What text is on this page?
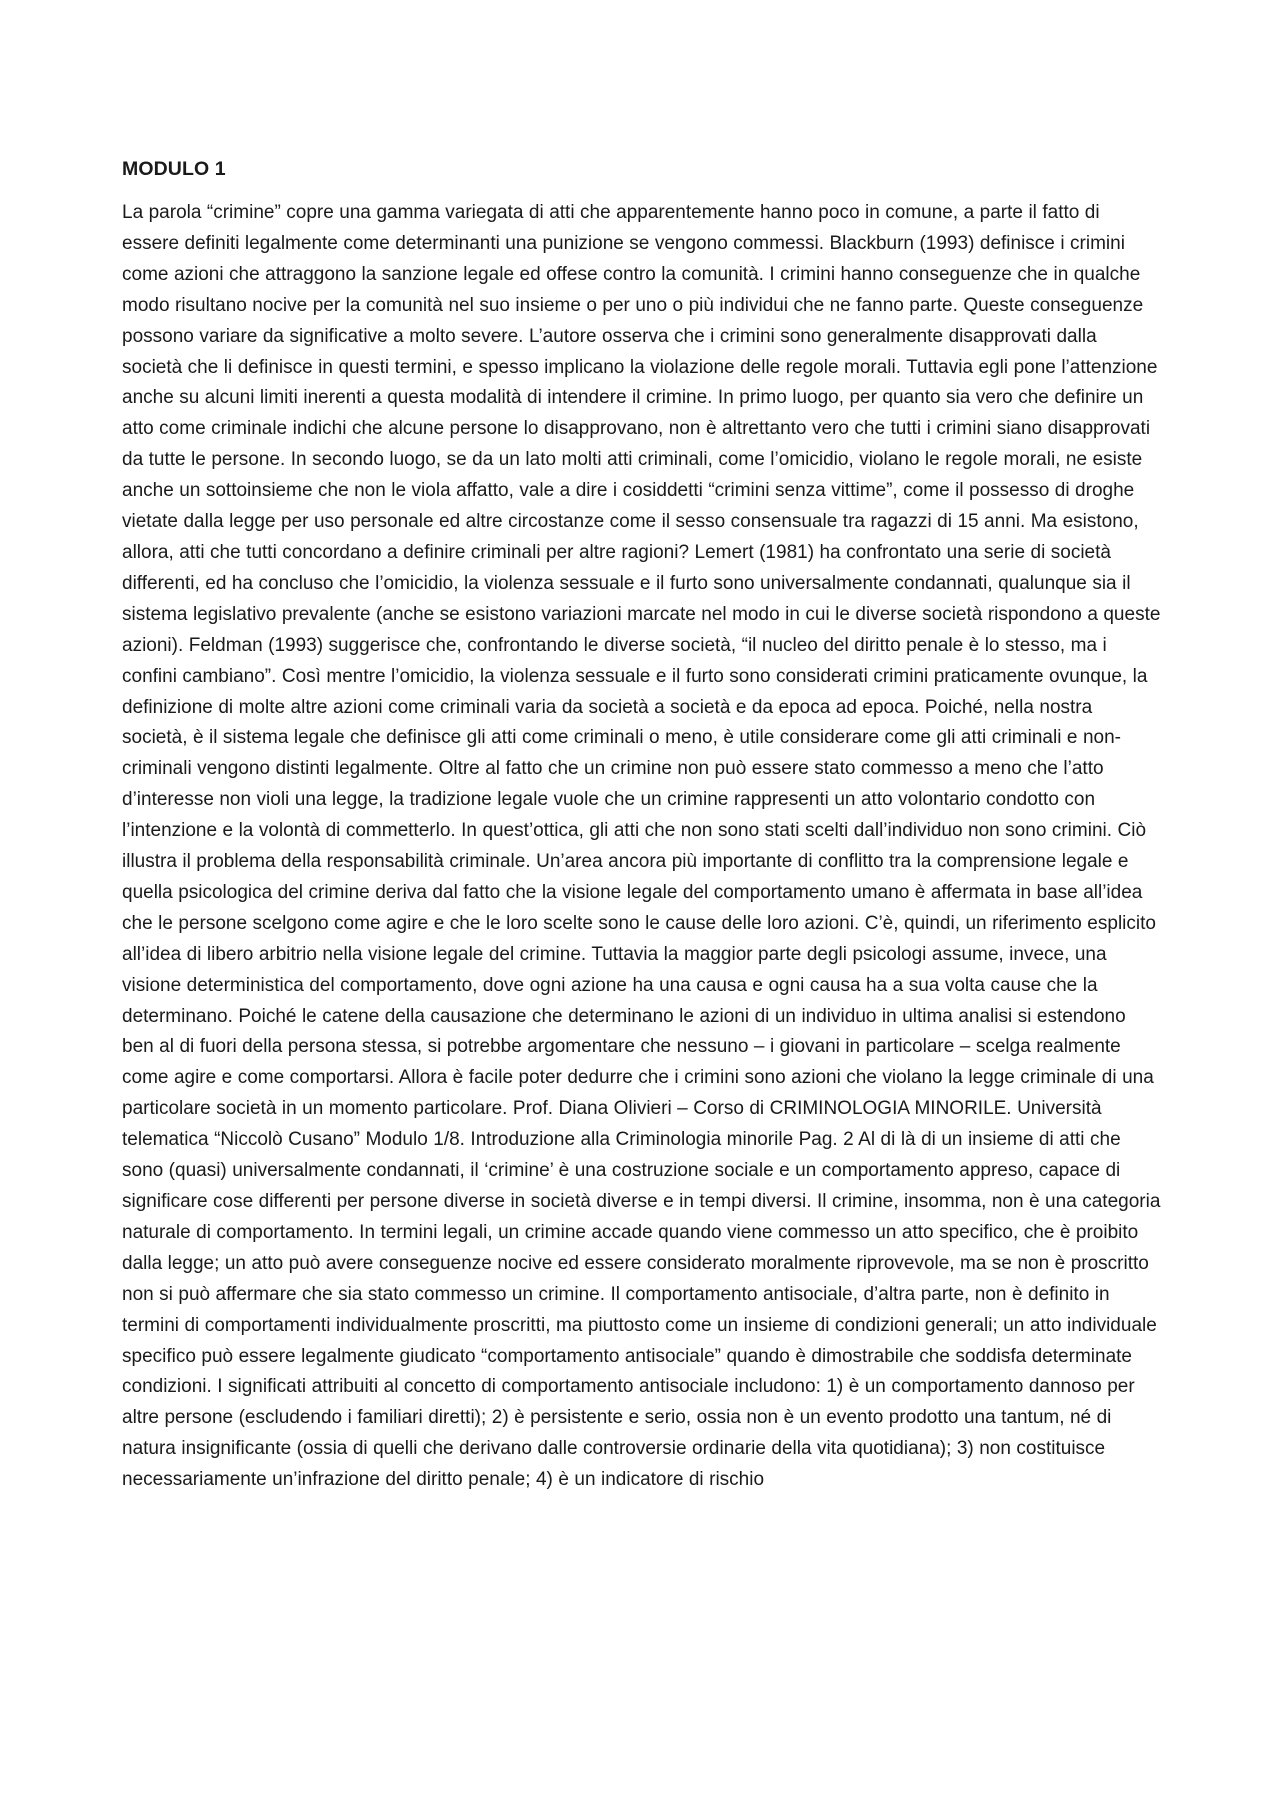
MODULO 1

La parola “crimine” copre una gamma variegata di atti che apparentemente hanno poco in comune, a parte il fatto di essere definiti legalmente come determinanti una punizione se vengono commessi. Blackburn (1993) definisce i crimini come azioni che attraggono la sanzione legale ed offese contro la comunità. I crimini hanno conseguenze che in qualche modo risultano nocive per la comunità nel suo insieme o per uno o più individui che ne fanno parte. Queste conseguenze possono variare da significative a molto severe. L’autore osserva che i crimini sono generalmente disapprovati dalla società che li definisce in questi termini, e spesso implicano la violazione delle regole morali. Tuttavia egli pone l’attenzione anche su alcuni limiti inerenti a questa modalità di intendere il crimine. In primo luogo, per quanto sia vero che definire un atto come criminale indichi che alcune persone lo disapprovano, non è altrettanto vero che tutti i crimini siano disapprovati da tutte le persone. In secondo luogo, se da un lato molti atti criminali, come l’omicidio, violano le regole morali, ne esiste anche un sottoinsieme che non le viola affatto, vale a dire i cosiddetti “crimini senza vittime”, come il possesso di droghe vietate dalla legge per uso personale ed altre circostanze come il sesso consensuale tra ragazzi di 15 anni. Ma esistono, allora, atti che tutti concordano a definire criminali per altre ragioni? Lemert (1981) ha confrontato una serie di società differenti, ed ha concluso che l’omicidio, la violenza sessuale e il furto sono universalmente condannati, qualunque sia il sistema legislativo prevalente (anche se esistono variazioni marcate nel modo in cui le diverse società rispondono a queste azioni). Feldman (1993) suggerisce che, confrontando le diverse società, “il nucleo del diritto penale è lo stesso, ma i confini cambiano”. Così mentre l’omicidio, la violenza sessuale e il furto sono considerati crimini praticamente ovunque, la definizione di molte altre azioni come criminali varia da società a società e da epoca ad epoca. Poiché, nella nostra società, è il sistema legale che definisce gli atti come criminali o meno, è utile considerare come gli atti criminali e non-criminali vengono distinti legalmente. Oltre al fatto che un crimine non può essere stato commesso a meno che l’atto d’interesse non violi una legge, la tradizione legale vuole che un crimine rappresenti un atto volontario condotto con l’intenzione e la volontà di commetterlo. In quest’ottica, gli atti che non sono stati scelti dall’individuo non sono crimini. Ciò illustra il problema della responsabilità criminale. Un’area ancora più importante di conflitto tra la comprensione legale e quella psicologica del crimine deriva dal fatto che la visione legale del comportamento umano è affermata in base all’idea che le persone scelgono come agire e che le loro scelte sono le cause delle loro azioni. C’è, quindi, un riferimento esplicito all’idea di libero arbitrio nella visione legale del crimine. Tuttavia la maggior parte degli psicologi assume, invece, una visione deterministica del comportamento, dove ogni azione ha una causa e ogni causa ha a sua volta cause che la determinano. Poiché le catene della causazione che determinano le azioni di un individuo in ultima analisi si estendono ben al di fuori della persona stessa, si potrebbe argomentare che nessuno – i giovani in particolare – scelga realmente come agire e come comportarsi. Allora è facile poter dedurre che i crimini sono azioni che violano la legge criminale di una particolare società in un momento particolare. Prof. Diana Olivieri – Corso di CRIMINOLOGIA MINORILE. Università telematica “Niccolò Cusano” Modulo 1/8. Introduzione alla Criminologia minorile Pag. 2 Al di là di un insieme di atti che sono (quasi) universalmente condannati, il ‘crimine’ è una costruzione sociale e un comportamento appreso, capace di significare cose differenti per persone diverse in società diverse e in tempi diversi. Il crimine, insomma, non è una categoria naturale di comportamento. In termini legali, un crimine accade quando viene commesso un atto specifico, che è proibito dalla legge; un atto può avere conseguenze nocive ed essere considerato moralmente riprovevole, ma se non è proscritto non si può affermare che sia stato commesso un crimine. Il comportamento antisociale, d’altra parte, non è definito in termini di comportamenti individualmente proscritti, ma piuttosto come un insieme di condizioni generali; un atto individuale specifico può essere legalmente giudicato “comportamento antisociale” quando è dimostrabile che soddisfa determinate condizioni. I significati attribuiti al concetto di comportamento antisociale includono: 1) è un comportamento dannoso per altre persone (escludendo i familiari diretti); 2) è persistente e serio, ossia non è un evento prodotto una tantum, né di natura insignificante (ossia di quelli che derivano dalle controversie ordinarie della vita quotidiana); 3) non costituisce necessariamente un’infrazione del diritto penale; 4) è un indicatore di rischio
